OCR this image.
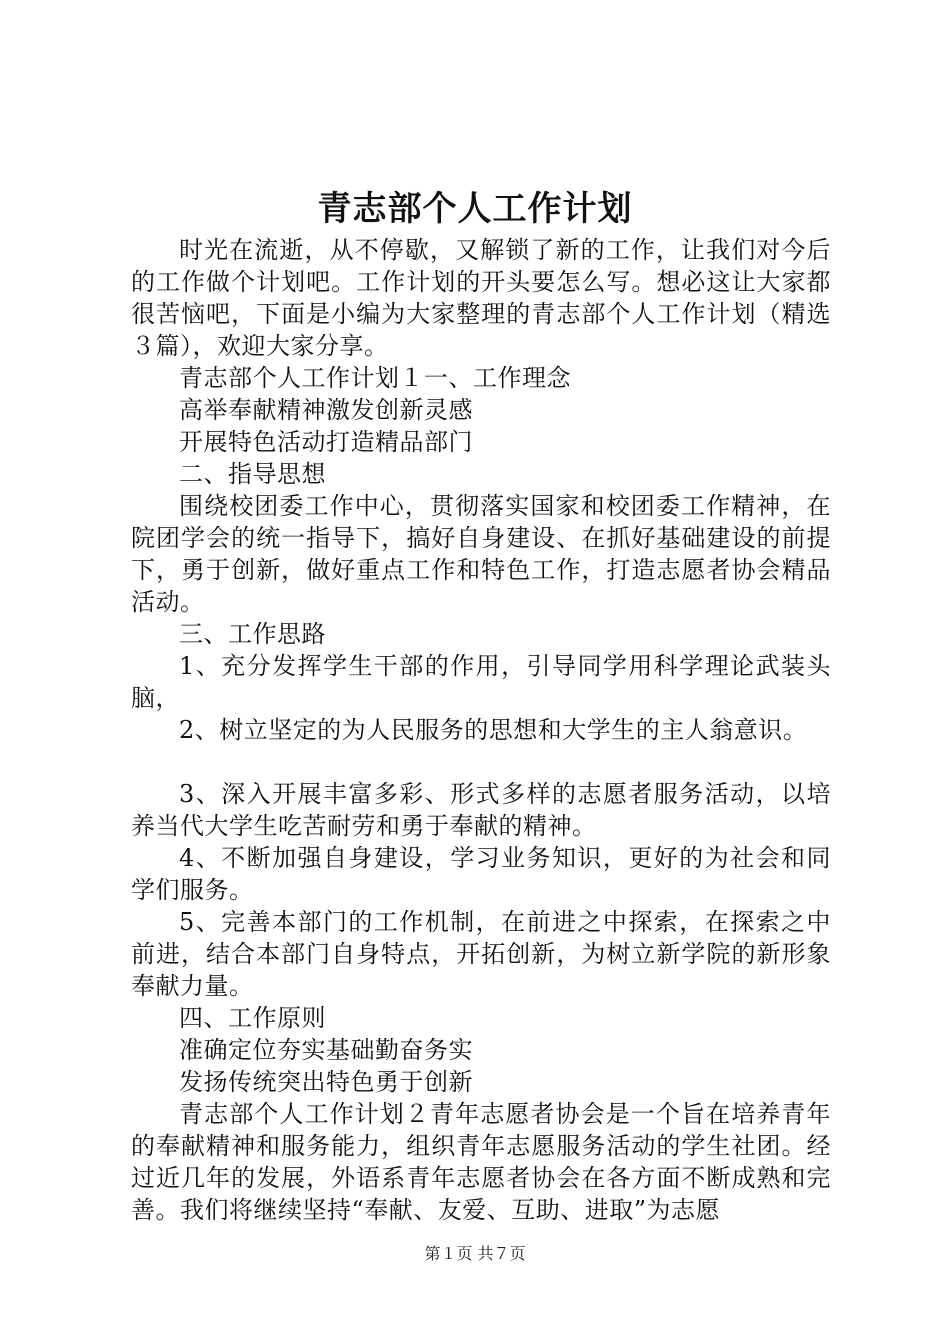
青志部个人工作计划

时光在流逝，从不停歇，又解锁了新的工作，让我们对今后的工作做个计划吧。工作计划的开头要怎么写。想必这让大家都很苦恼吧，下面是小编为大家整理的青志部个人工作计划（精选３篇），欢迎大家分享。

青志部个人工作计划１一、工作理念

高举奉献精神激发创新灵感

开展特色活动打造精品部门

二、指导思想

围绕校团委工作中心，贯彻落实国家和校团委工作精神，在院团学会的统一指导下，搞好自身建设、在抓好基础建设的前提下，勇于创新，做好重点工作和特色工作，打造志愿者协会精品活动。

三、工作思路

1、充分发挥学生干部的作用，引导同学用科学理论武装头脑，

2、树立坚定的为人民服务的思想和大学生的主人翁意识。

3、深入开展丰富多彩、形式多样的志愿者服务活动，以培养当代大学生吃苦耐劳和勇于奉献的精神。

4、不断加强自身建设，学习业务知识，更好的为社会和同学们服务。

5、完善本部门的工作机制，在前进之中探索，在探索之中前进，结合本部门自身特点，开拓创新，为树立新学院的新形象奉献力量。

四、工作原则

准确定位夯实基础勤奋务实

发扬传统突出特色勇于创新

青志部个人工作计划２青年志愿者协会是一个旨在培养青年的奉献精神和服务能力，组织青年志愿服务活动的学生社团。经过近几年的发展，外语系青年志愿者协会在各方面不断成熟和完善。我们将继续坚持“奉献、友爱、互助、进取”为志愿

第１页 共７页
